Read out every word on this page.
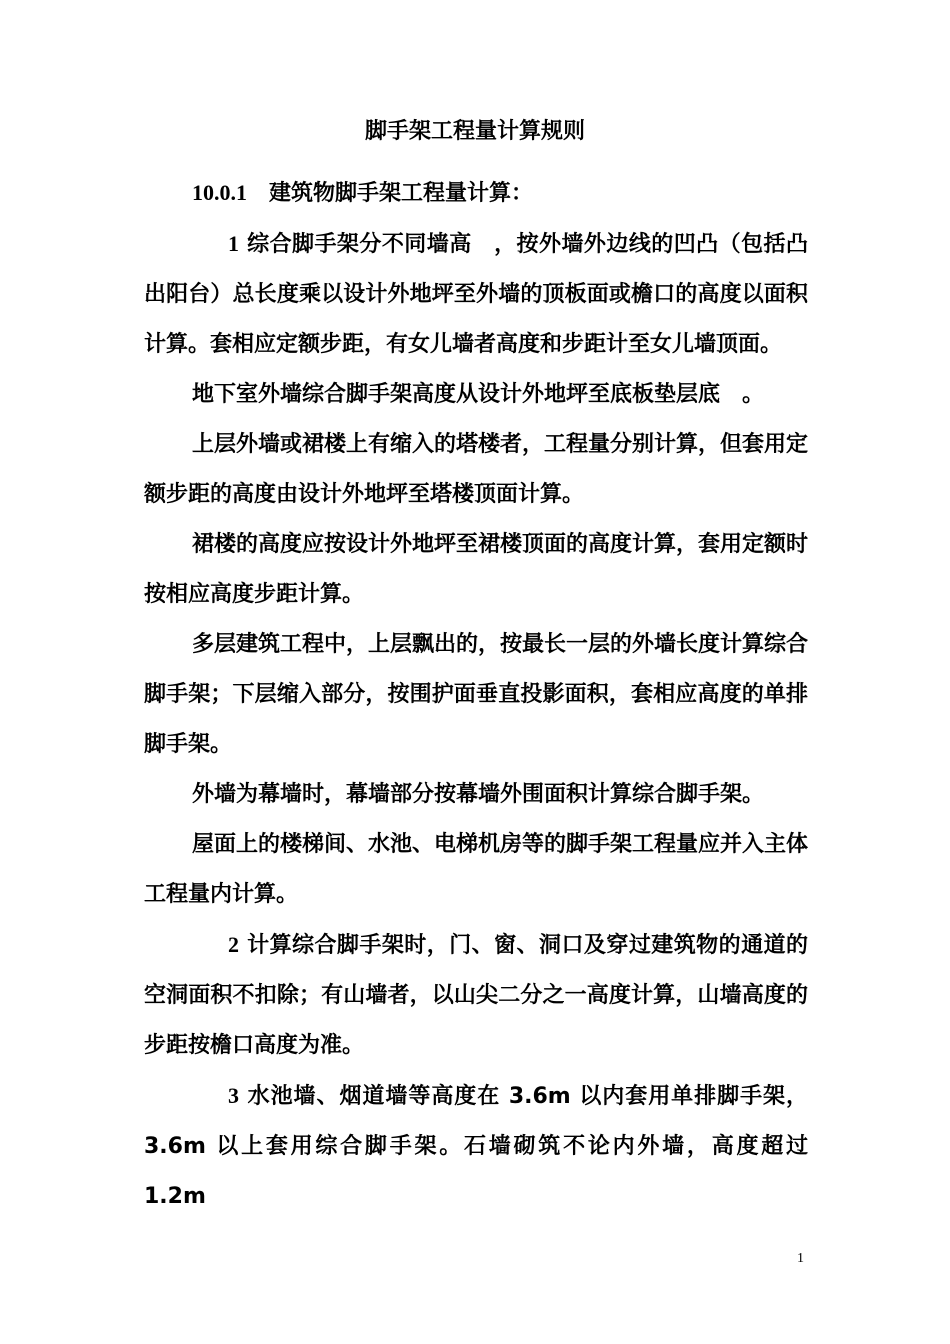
脚手架工程量计算规则

10.0.1　 建筑物脚手架工程量计算：

1 综合脚手架分不同墙高　，按外墙外边线的凹凸（包括凸出阳台）总长度乘以设计外地坪至外墙的顶板面或檐口的高度以面积计算。套相应定额步距，有女儿墙者高度和步距计至女儿墙顶面。

地下室外墙综合脚手架高度从设计外地坪至底板垫层底　。

上层外墙或裙楼上有缩入的塔楼者，工程量分别计算，但套用定额步距的高度由设计外地坪至塔楼顶面计算。

裙楼的高度应按设计外地坪至裙楼顶面的高度计算，套用定额时按相应高度步距计算。

多层建筑工程中，上层飘出的，按最长一层的外墙长度计算综合脚手架；下层缩入部分，按围护面垂直投影面积，套相应高度的单排脚手架。

外墙为幕墙时，幕墙部分按幕墙外围面积计算综合脚手架。

屋面上的楼梯间、水池、电梯机房等的脚手架工程量应并入主体工程量内计算。

2 计算综合脚手架时，门、窗、洞口及穿过建筑物的通道的空洞面积不扣除；有山墙者，以山尖二分之一高度计算，山墙高度的步距按檐口高度为准。

3 水池墙、烟道墙等高度在 3.6m 以内套用单排脚手架，3.6m 以上套用综合脚手架。石墙砌筑不论内外墙，高度超过 1.2m

1
